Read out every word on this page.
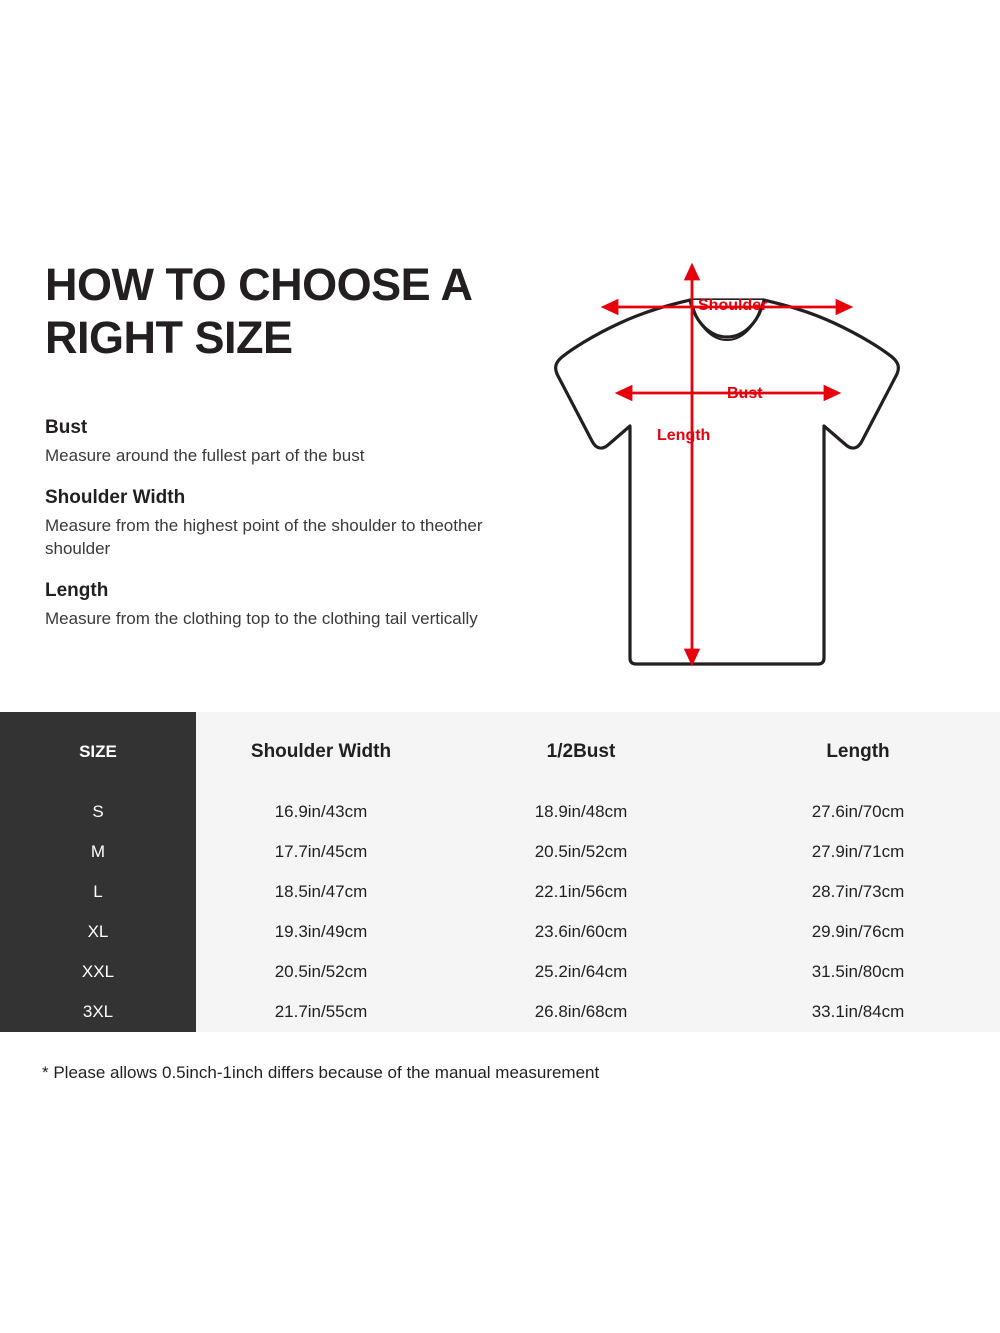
HOW TO CHOOSE A RIGHT SIZE
Bust
Measure around the fullest part of the bust
Shoulder Width
Measure from the highest point of the shoulder to theother shoulder
Length
Measure from the clothing top to the clothing tail vertically
Shoulder
Bust
Length
SIZE	Shoulder Width	1/2Bust	Length
S	16.9in/43cm	18.9in/48cm	27.6in/70cm
M	17.7in/45cm	20.5in/52cm	27.9in/71cm
L	18.5in/47cm	22.1in/56cm	28.7in/73cm
XL	19.3in/49cm	23.6in/60cm	29.9in/76cm
XXL	20.5in/52cm	25.2in/64cm	31.5in/80cm
3XL	21.7in/55cm	26.8in/68cm	33.1in/84cm
* Please allows 0.5inch-1inch differs because of the manual measurement
